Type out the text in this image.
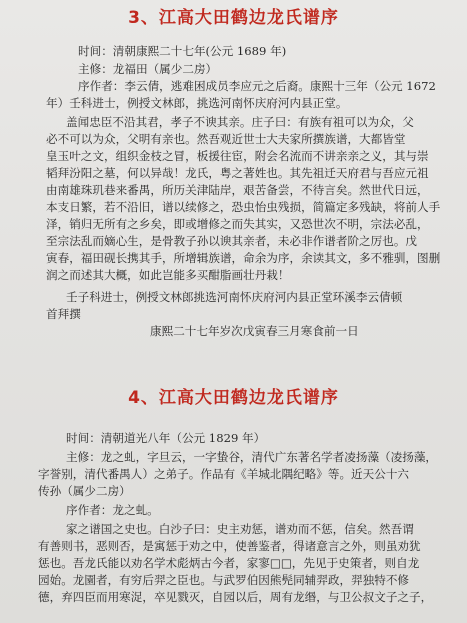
3、江高大田鹤边龙氏谱序
时间：清朝康熙二十七年(公元 1689 年)
主修：龙福田（属少二房）
序作者：李云倩，逃难困成员李应元之后裔。康熙十三年（公元 1672
年）壬科进士，例授文林郎，挑选河南怀庆府河内县正堂。
盖闻忠臣不沿其君，孝子不谀其亲。庄子曰：有族有祖可以为众，父
必不可以为众，父明有亲也。然吾观近世士大夫家所撰族谱，大都皆堂
皇玉叶之文，组织金枝之冒，板援往宦，附会名流而不讲亲亲之义，其与崇
韬拜汾阳之墓，何以异哉！龙氏，粤之著姓也。其先祖迁天府君与吾应元祖
由南雄珠玑巷来番禺，所历关津陆岸，艰苦备尝，不待言矣。然世代日远，
本支日繁，若不沿旧，谱以续修之，恐虫怡虫残损，简篇定多残缺，将前人手
泽，销归无所有之乡矣，即或增修之而失其实，又恐世次不明，宗法必乱，
至宗法乱而嫡心生，是骨教子孙以谀其亲者，未必非作谱者阶之厉也。戊
寅春，福田砚长携其手，所增辑族谱，命余为序，余读其文，多不雅驯，图删
润之而述其大概，如此岂能多买酣脂画壮丹栽！
壬子科进士，例授文林郎挑选河南怀庆府河内县正堂环溪李云倩顿
首拜撰
康熙二十七年岁次戊寅春三月寒食前一日
4、江高大田鹤边龙氏谱序
时间：清朝道光八年（公元 1829 年）
主修：龙之虬，字旦云，一字蛰谷，清代广东著名学者凌扬藻（凌扬藻，
字誉别，清代番禺人）之弟子。作品有《羊城北隅纪略》等。近天公十六
传孙（属少二房）
序作者：龙之虬。
家之谱国之史也。白沙子曰：史主劝惩，谱劝而不惩，信矣。然吾谓
有善则书，恶则否，是寓惩于劝之中，使善鉴者，得诸意言之外，则虽劝犹
惩也。吾龙氏能以劝名学术彪炳古今者，家寥□□，先见于史策者，则自龙
园始。龙園者，有穷后羿之臣也。与武罗伯因熊髡同辅羿政，羿独特不修
德，弃四臣而用寒浞，卒见戮灭，自园以后，周有龙缗，与卫公叔文子之子，
